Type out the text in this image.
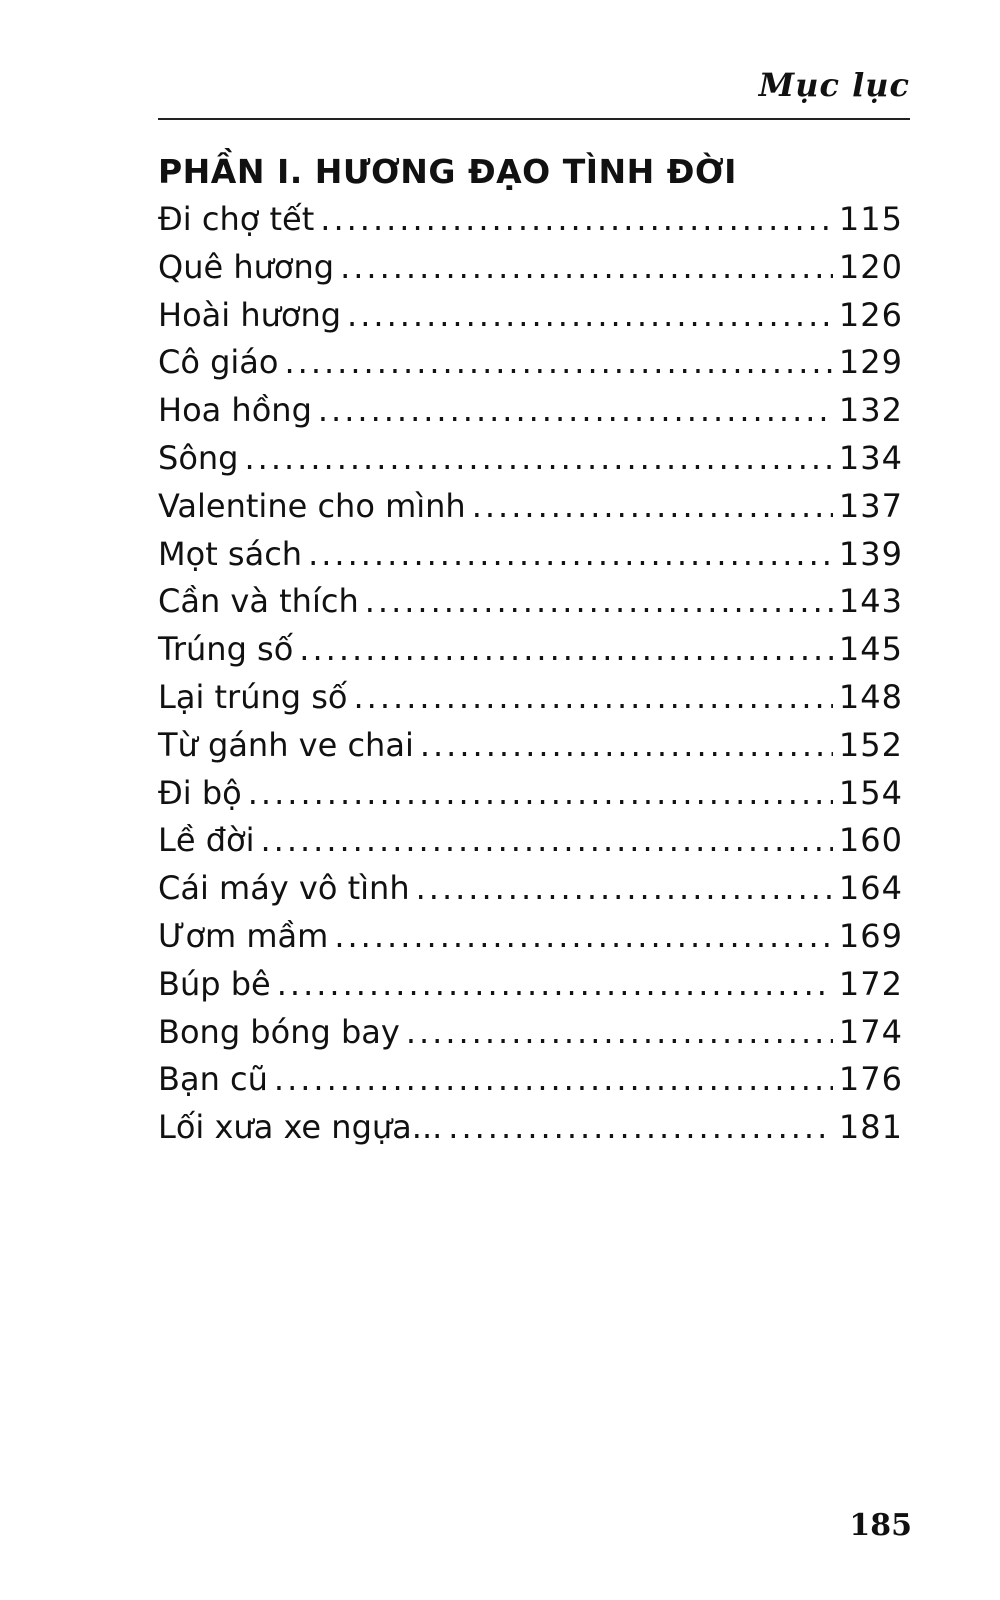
Mục lục
PHẦN I. HƯƠNG ĐẠO TÌNH ĐỜI
Đi chợ tết .....	115
Quê hương .....	120
Hoài hương .....	126
Cô giáo .....	129
Hoa hồng .....	132
Sông .....	134
Valentine cho mình .....	137
Mọt sách .....	139
Cần và thích .....	143
Trúng số .....	145
Lại trúng số .....	148
Từ gánh ve chai .....	152
Đi bộ .....	154
Lề đời .....	160
Cái máy vô tình .....	164
Ươm mầm .....	169
Búp bê .....	172
Bong bóng bay .....	174
Bạn cũ .....	176
Lối xưa xe ngựa... .....	181
185
